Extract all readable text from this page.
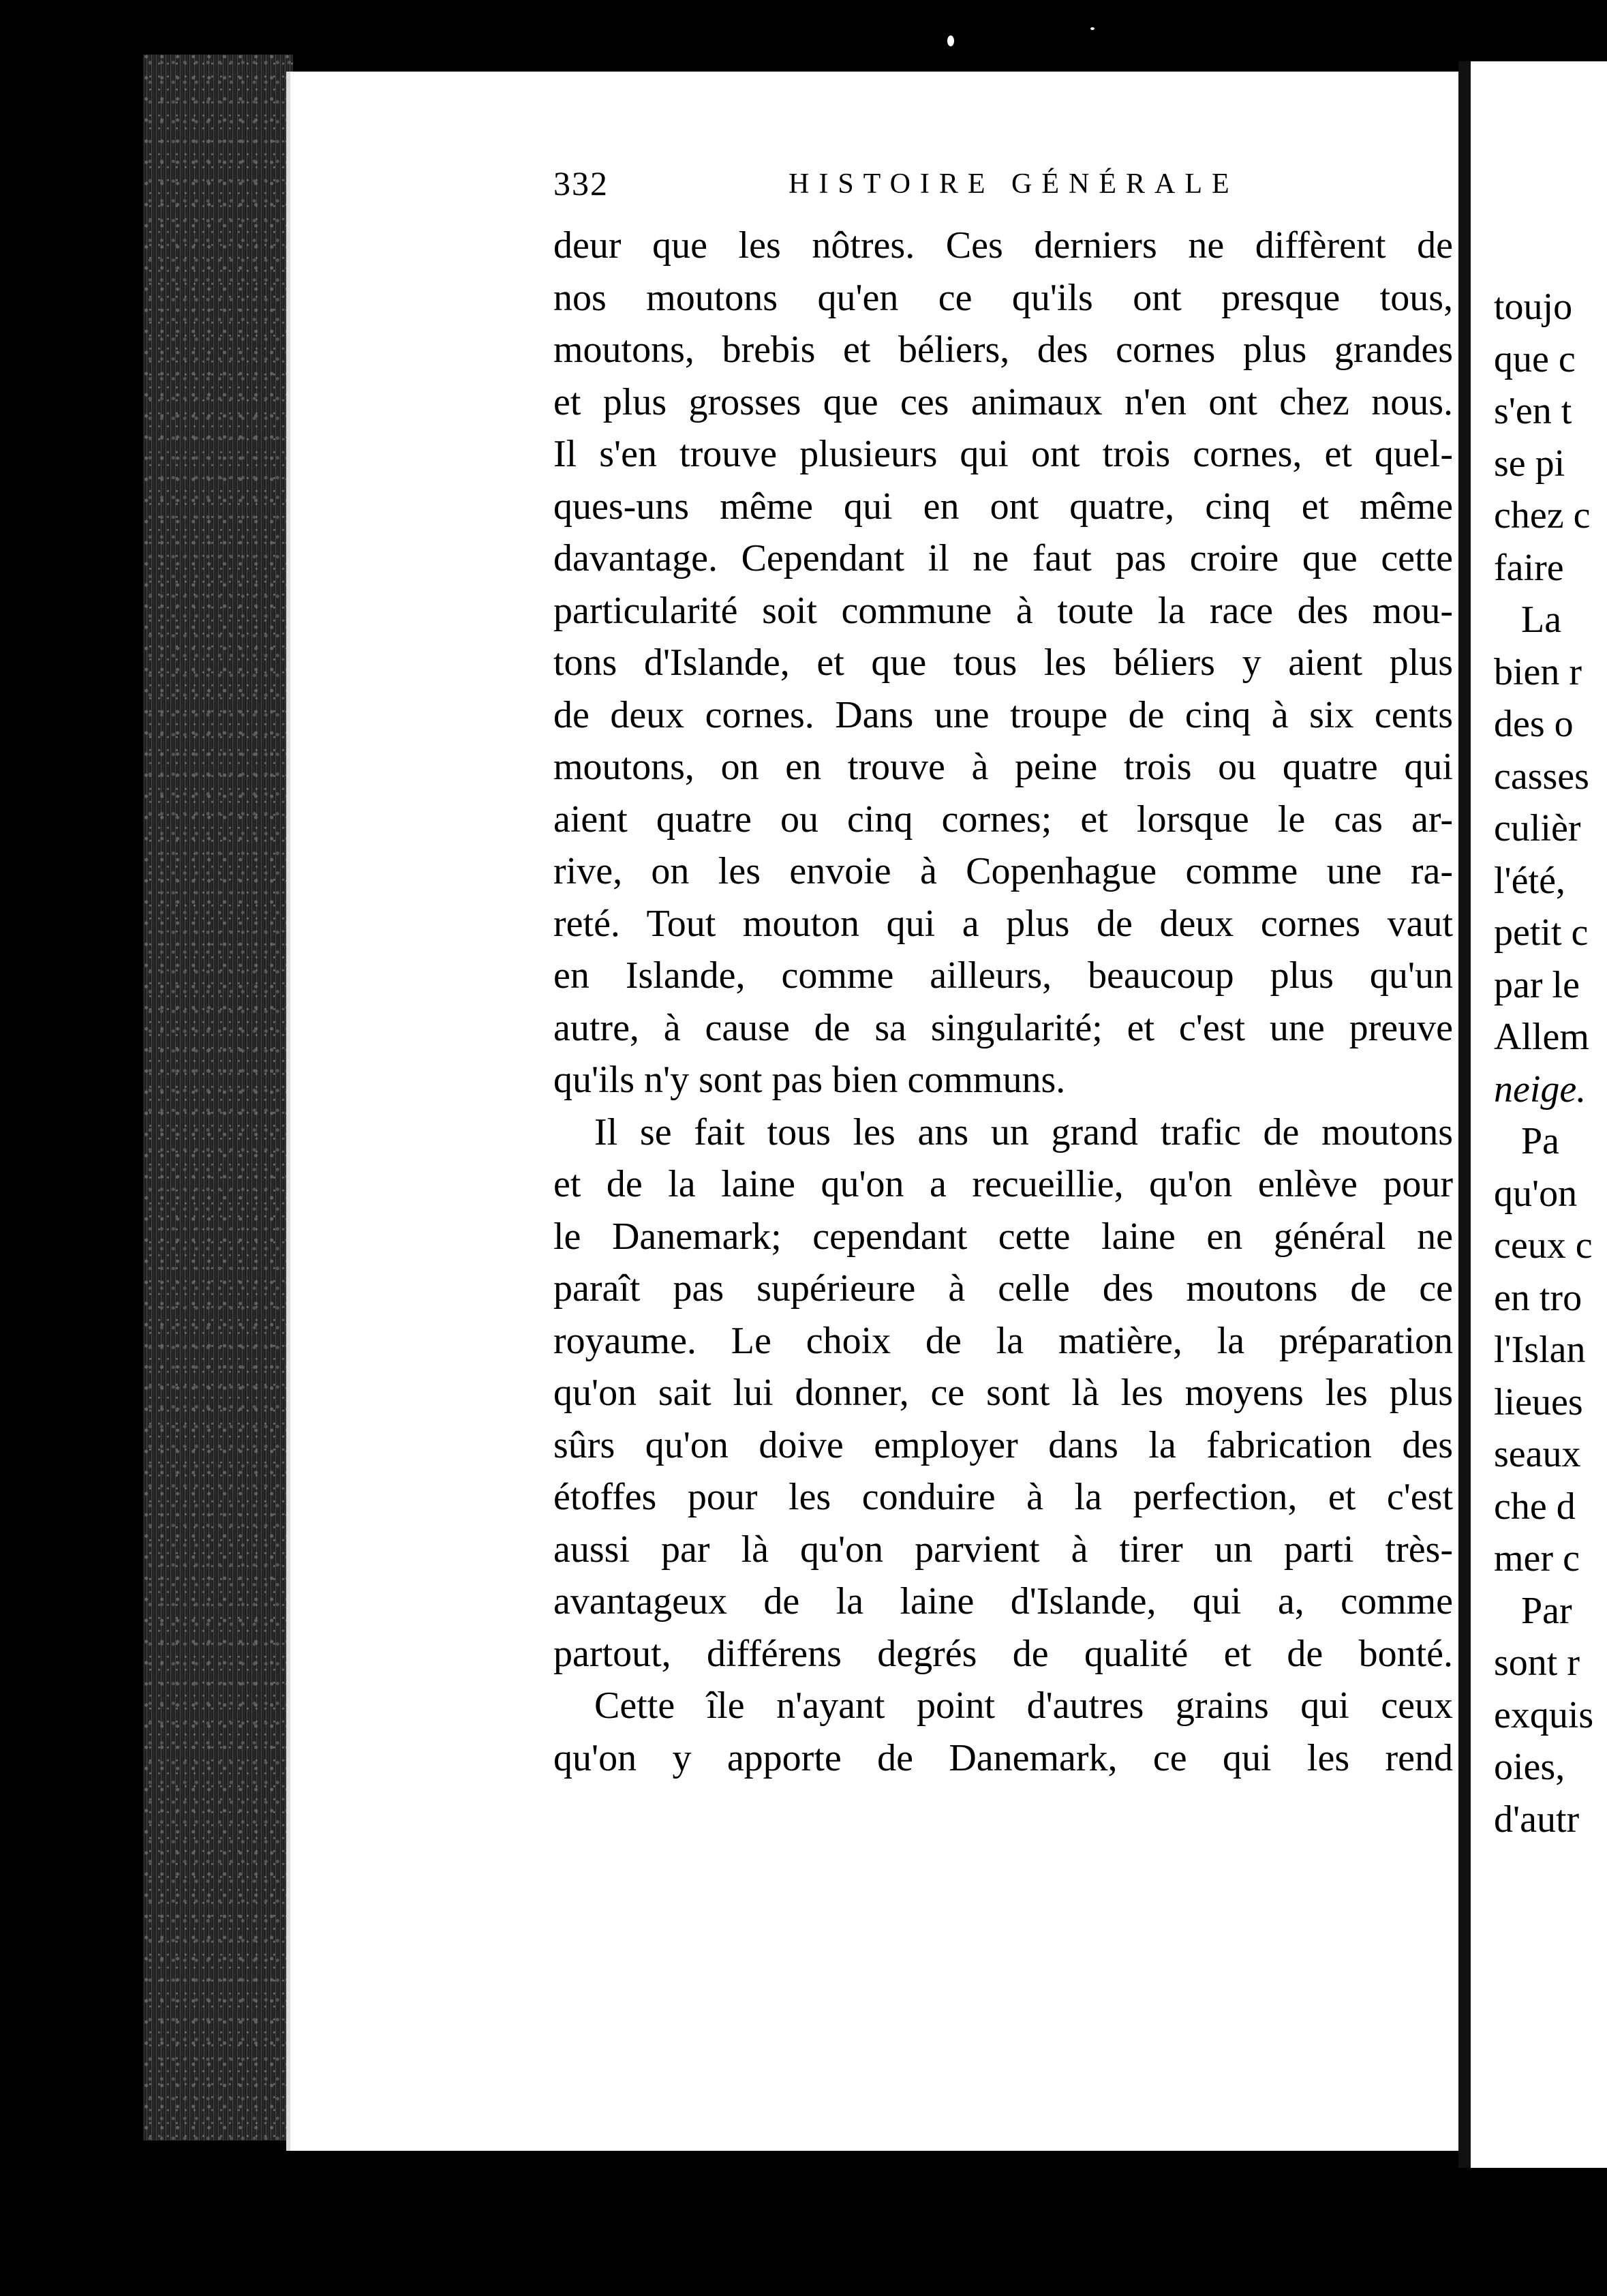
toujo
que c
s'en t
se pi
chez c
faire
La
bien r
des o
casses
culièr
l'été,
petit c
par le
Allem
neige.
Pa
qu'on
ceux c
en tro
l'Islan
lieues
seaux
che d
mer c
Par
sont r
exquis
oies,
d'autr
332	HISTOIRE GÉNÉRALE
deur que les nôtres. Ces derniers ne diffèrent de
nos moutons qu'en ce qu'ils ont presque tous,
moutons, brebis et béliers, des cornes plus grandes
et plus grosses que ces animaux n'en ont chez nous.
Il s'en trouve plusieurs qui ont trois cornes, et quel-
ques-uns même qui en ont quatre, cinq et même
davantage. Cependant il ne faut pas croire que cette
particularité soit commune à toute la race des mou-
tons d'Islande, et que tous les béliers y aient plus
de deux cornes. Dans une troupe de cinq à six cents
moutons, on en trouve à peine trois ou quatre qui
aient quatre ou cinq cornes; et lorsque le cas ar-
rive, on les envoie à Copenhague comme une ra-
reté. Tout mouton qui a plus de deux cornes vaut
en Islande, comme ailleurs, beaucoup plus qu'un
autre, à cause de sa singularité; et c'est une preuve
qu'ils n'y sont pas bien communs.
Il se fait tous les ans un grand trafic de moutons
et de la laine qu'on a recueillie, qu'on enlève pour
le Danemark; cependant cette laine en général ne
paraît pas supérieure à celle des moutons de ce
royaume. Le choix de la matière, la préparation
qu'on sait lui donner, ce sont là les moyens les plus
sûrs qu'on doive employer dans la fabrication des
étoffes pour les conduire à la perfection, et c'est
aussi par là qu'on parvient à tirer un parti très-
avantageux de la laine d'Islande, qui a, comme
partout, différens degrés de qualité et de bonté.
Cette île n'ayant point d'autres grains qui ceux
qu'on y apporte de Danemark, ce qui les rend
